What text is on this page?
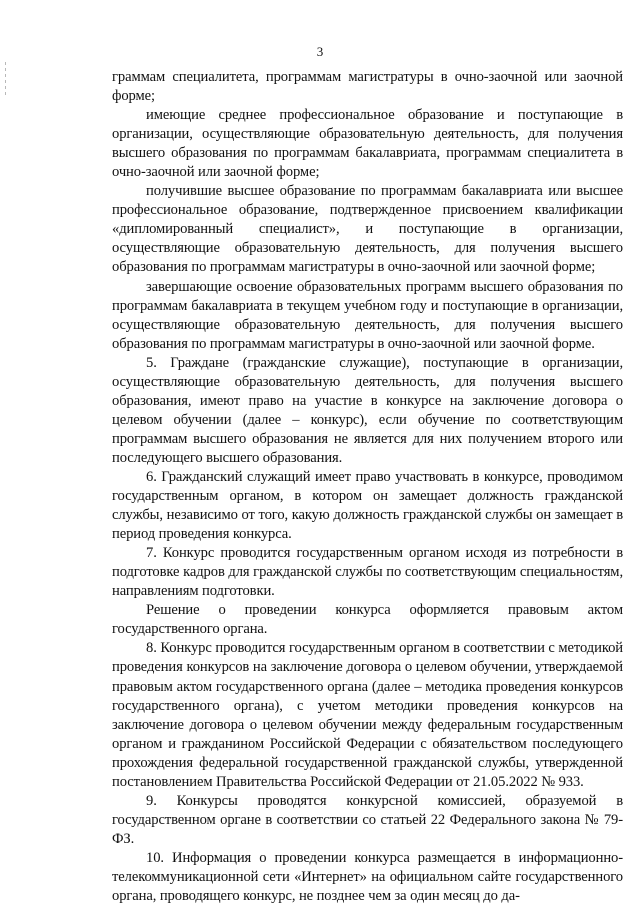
3

граммам специалитета, программам магистратуры в очно-заочной или заочной форме;

имеющие среднее профессиональное образование и поступающие в организации, осуществляющие образовательную деятельность, для получения высшего образования по программам бакалавриата, программам специалитета в очно-заочной или заочной форме;

получившие высшее образование по программам бакалавриата или высшее профессиональное образование, подтвержденное присвоением квалификации «дипломированный специалист», и поступающие в организации, осуществляющие образовательную деятельность, для получения высшего образования по программам магистратуры в очно-заочной или заочной форме;

завершающие освоение образовательных программ высшего образования по программам бакалавриата в текущем учебном году и поступающие в организации, осуществляющие образовательную деятельность, для получения высшего образования по программам магистратуры в очно-заочной или заочной форме.

5. Граждане (гражданские служащие), поступающие в организации, осуществляющие образовательную деятельность, для получения высшего образования, имеют право на участие в конкурсе на заключение договора о целевом обучении (далее – конкурс), если обучение по соответствующим программам высшего образования не является для них получением второго или последующего высшего образования.

6. Гражданский служащий имеет право участвовать в конкурсе, проводимом государственным органом, в котором он замещает должность гражданской службы, независимо от того, какую должность гражданской службы он замещает в период проведения конкурса.

7. Конкурс проводится государственным органом исходя из потребности в подготовке кадров для гражданской службы по соответствующим специальностям, направлениям подготовки.

Решение о проведении конкурса оформляется правовым актом государственного органа.

8. Конкурс проводится государственным органом в соответствии с методикой проведения конкурсов на заключение договора о целевом обучении, утверждаемой правовым актом государственного органа (далее – методика проведения конкурсов государственного органа), с учетом методики проведения конкурсов на заключение договора о целевом обучении между федеральным государственным органом и гражданином Российской Федерации с обязательством последующего прохождения федеральной государственной гражданской службы, утвержденной постановлением Правительства Российской Федерации от 21.05.2022 № 933.

9. Конкурсы проводятся конкурсной комиссией, образуемой в государственном органе в соответствии со статьей 22 Федерального закона № 79-ФЗ.

10. Информация о проведении конкурса размещается в информационно-телекоммуникационной сети «Интернет» на официальном сайте государственного органа, проводящего конкурс, не позднее чем за один месяц до да-
